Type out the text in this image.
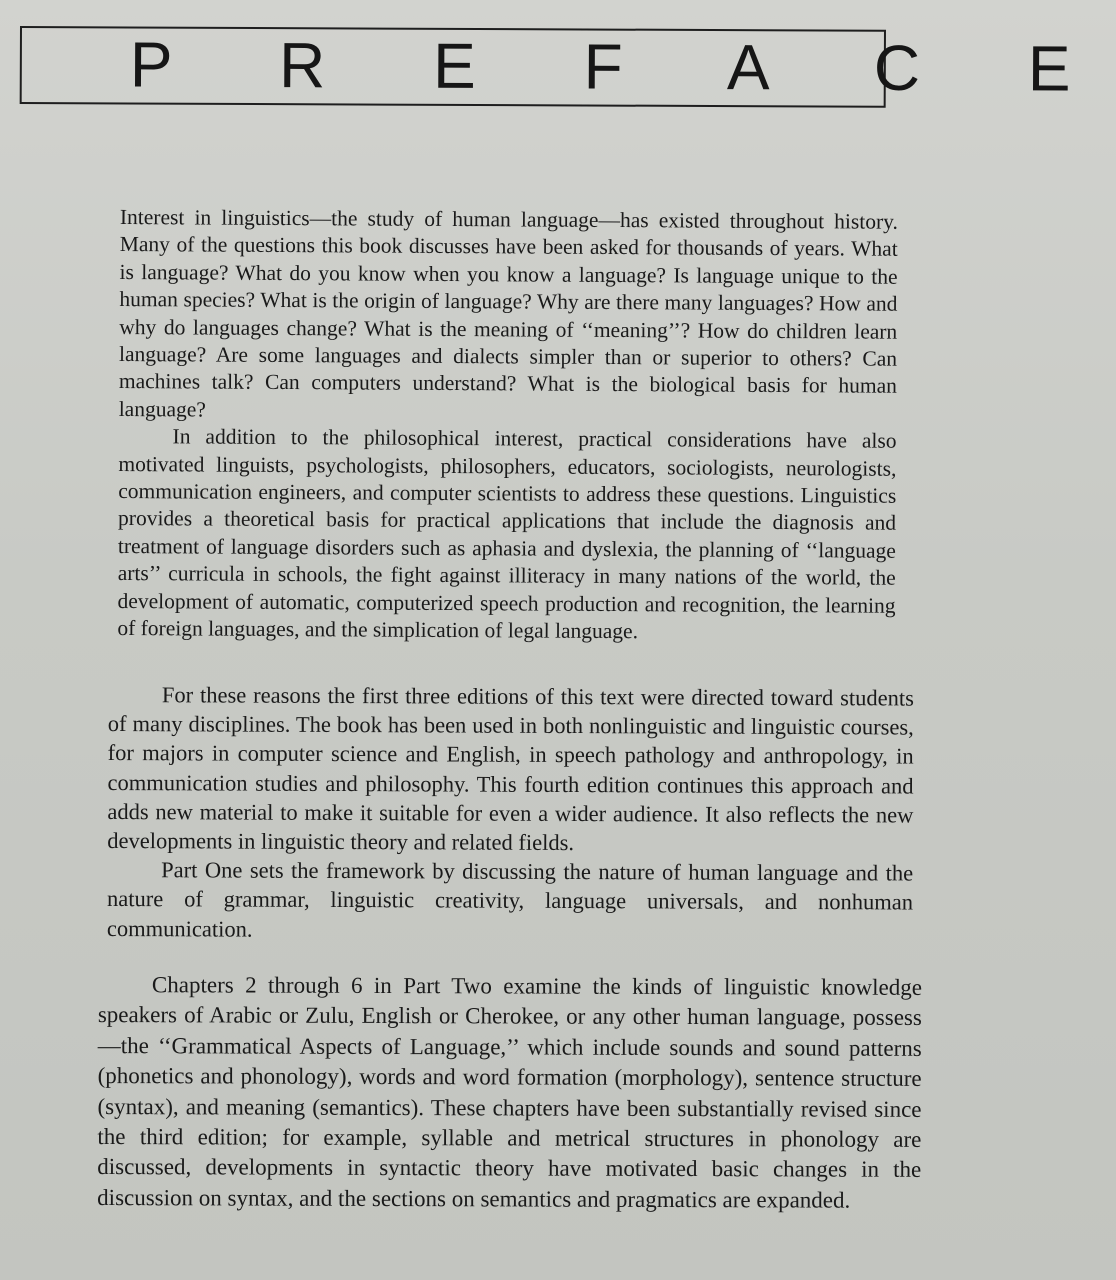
P R E F A C E

Interest in linguistics—the study of human language—has existed throughout history. Many of the questions this book discusses have been asked for thousands of years. What is language? What do you know when you know a language? Is language unique to the human species? What is the origin of language? Why are there many languages? How and why do languages change? What is the meaning of ‘‘meaning’’? How do children learn language? Are some languages and dialects simpler than or superior to others? Can machines talk? Can computers understand? What is the biological basis for human language?

In addition to the philosophical interest, practical considerations have also motivated linguists, psychologists, philosophers, educators, sociologists, neurologists, communication engineers, and computer scientists to address these questions. Linguistics provides a theoretical basis for practical applications that include the diagnosis and treatment of language disorders such as aphasia and dyslexia, the planning of ‘‘language arts’’ curricula in schools, the fight against illiteracy in many nations of the world, the development of automatic, computerized speech production and recognition, the learning of foreign languages, and the simplication of legal language.

For these reasons the first three editions of this text were directed toward students of many disciplines. The book has been used in both nonlinguistic and linguistic courses, for majors in computer science and English, in speech pathology and anthropology, in communication studies and philosophy. This fourth edition continues this approach and adds new material to make it suitable for even a wider audience. It also reflects the new developments in linguistic theory and related fields.

Part One sets the framework by discussing the nature of human language and the nature of grammar, linguistic creativity, language universals, and nonhuman communication.

Chapters 2 through 6 in Part Two examine the kinds of linguistic knowledge speakers of Arabic or Zulu, English or Cherokee, or any other human language, possess—the ‘‘Grammatical Aspects of Language,’’ which include sounds and sound patterns (phonetics and phonology), words and word formation (morphology), sentence structure (syntax), and meaning (semantics). These chapters have been substantially revised since the third edition; for example, syllable and metrical structures in phonology are discussed, developments in syntactic theory have motivated basic changes in the discussion on syntax, and the sections on semantics and pragmatics are expanded.
